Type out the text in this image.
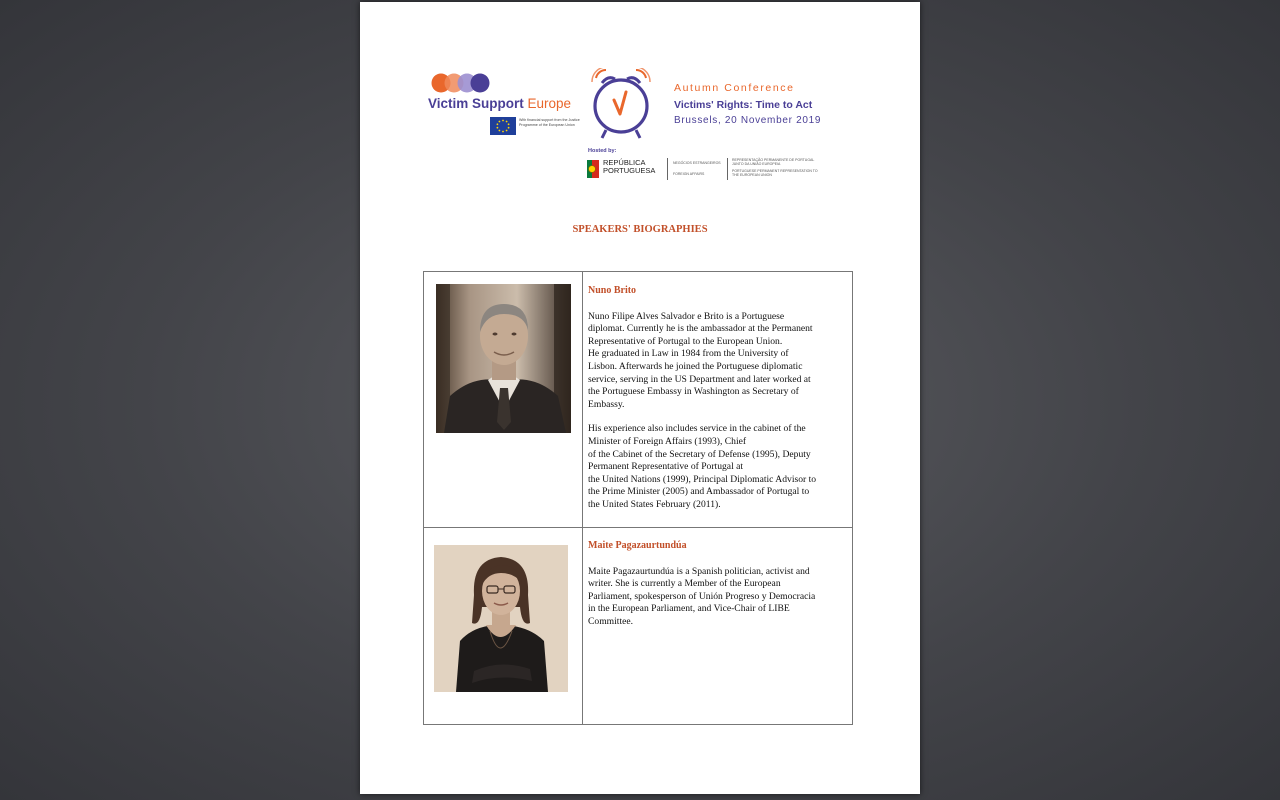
Victim Support Europe
With financial support from the Justice Programme of the European Union
Autumn Conference
Victims' Rights: Time to Act
Brussels, 20 November 2019
Hosted by:
REPÚBLICA
PORTUGUESA
NEGÓCIOS ESTRANGEIROS
FOREIGN AFFAIRS
REPRESENTAÇÃO PERMANENTE DE PORTUGAL JUNTO DA UNIÃO EUROPEIA
PORTUGUESE PERMANENT REPRESENTATION TO THE EUROPEAN UNION
SPEAKERS' BIOGRAPHIES
Nuno Brito

Nuno Filipe Alves Salvador e Brito is a Portuguese
diplomat. Currently he is the ambassador at the Permanent
Representative of Portugal to the European Union.
He graduated in Law in 1984 from the University of
Lisbon. Afterwards he joined the Portuguese diplomatic
service, serving in the US Department and later worked at
the Portuguese Embassy in Washington as Secretary of
Embassy.

His experience also includes service in the cabinet of the
Minister of Foreign Affairs (1993), Chief
of the Cabinet of the Secretary of Defense (1995), Deputy
Permanent Representative of Portugal at
the United Nations (1999), Principal Diplomatic Advisor to
the Prime Minister (2005) and Ambassador of Portugal to
the United States February (2011).

Maite Pagazaurtundúa

Maite Pagazaurtundúa is a Spanish politician, activist and
writer. She is currently a Member of the European
Parliament, spokesperson of Unión Progreso y Democracia
in the European Parliament, and Vice-Chair of LIBE
Committee.
